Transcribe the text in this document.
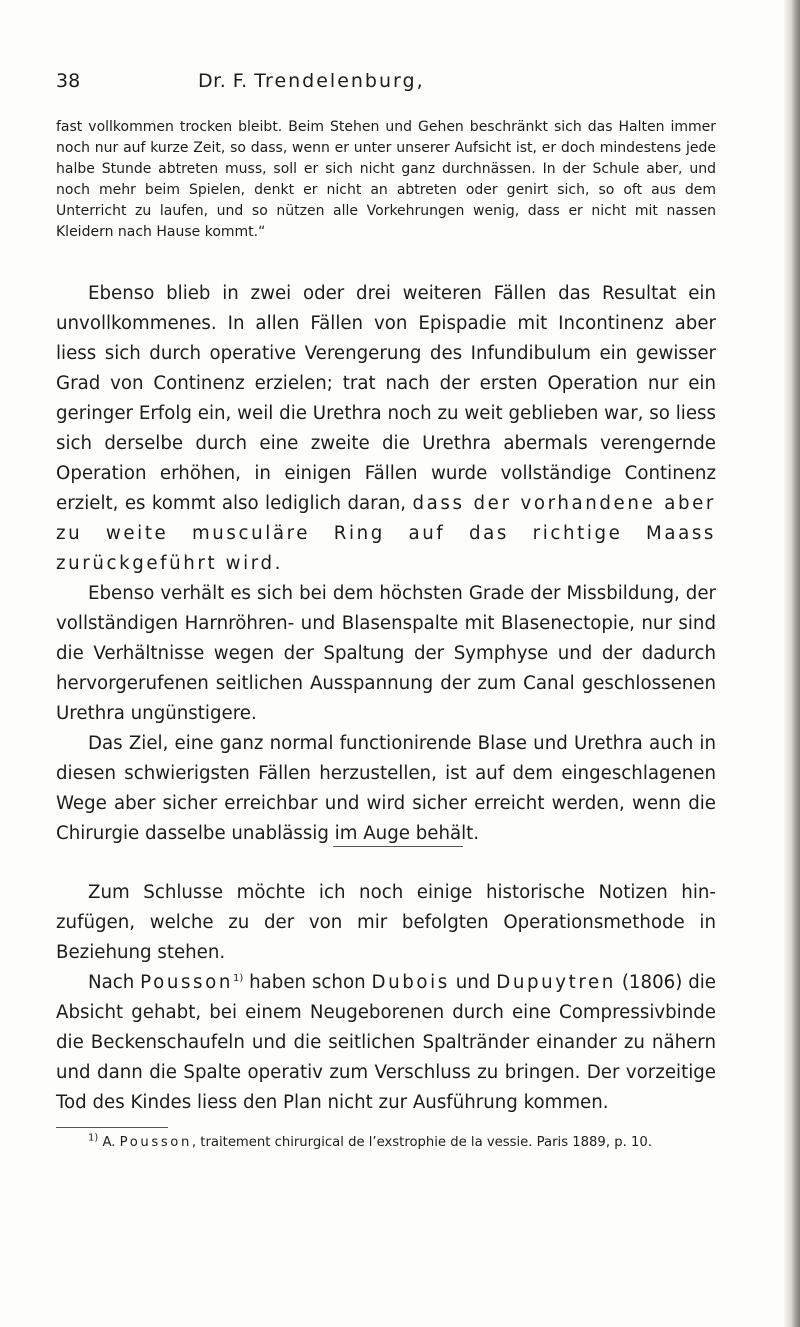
38	Dr. F. Trendelenburg,

fast vollkommen trocken bleibt. Beim Stehen und Gehen beschränkt sich das Halten immer noch nur auf kurze Zeit, so dass, wenn er unter unserer Aufsicht ist, er doch mindestens jede halbe Stunde abtreten muss, soll er sich nicht ganz durchnässen. In der Schule aber, und noch mehr beim Spielen, denkt er nicht an abtreten oder genirt sich, so oft aus dem Unterricht zu laufen, und so nützen alle Vorkehrungen wenig, dass er nicht mit nassen Kleidern nach Hause kommt.“

Ebenso blieb in zwei oder drei weiteren Fällen das Resultat ein unvollkommenes. In allen Fällen von Epispadie mit Incontinenz aber liess sich durch operative Verengerung des Infundibulum ein gewisser Grad von Continenz erzielen; trat nach der ersten Operation nur ein geringer Erfolg ein, weil die Urethra noch zu weit geblieben war, so liess sich derselbe durch eine zweite die Urethra abermals verengernde Operation erhöhen, in einigen Fällen wurde vollständige Continenz erzielt, es kommt also lediglich daran, dass der vorhandene aber zu weite musculäre Ring auf das richtige Maass zurückgeführt wird.

Ebenso verhält es sich bei dem höchsten Grade der Missbildung, der vollständigen Harnröhren- und Blasenspalte mit Blasenectopie, nur sind die Verhältnisse wegen der Spaltung der Symphyse und der dadurch hervorgerufenen seitlichen Ausspannung der zum Canal geschlossenen Urethra ungünstigere.

Das Ziel, eine ganz normal functionirende Blase und Urethra auch in diesen schwierigsten Fällen herzustellen, ist auf dem eingeschlagenen Wege aber sicher erreichbar und wird sicher erreicht werden, wenn die Chirurgie dasselbe unablässig im Auge behält.

Zum Schlusse möchte ich noch einige historische Notizen hinzufügen, welche zu der von mir befolgten Operationsmethode in Beziehung stehen.

Nach Pousson$^{1)}$ haben schon Dubois und Dupuytren (1806) die Absicht gehabt, bei einem Neugeborenen durch eine Compressivbinde die Beckenschaufeln und die seitlichen Spaltränder einander zu nähern und dann die Spalte operativ zum Verschluss zu bringen. Der vorzeitige Tod des Kindes liess den Plan nicht zur Ausführung kommen.

$^{1)}$ A. Pousson, traitement chirurgical de l’exstrophie de la vessie. Paris 1889, p. 10.
